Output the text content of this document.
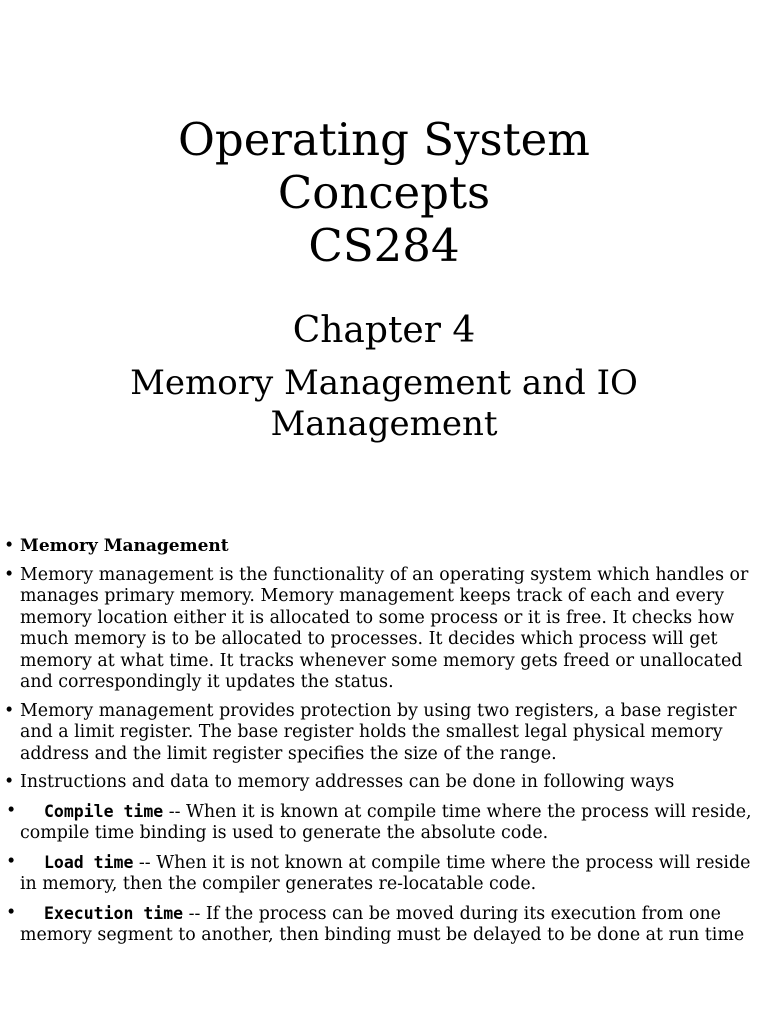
Operating System
Concepts
CS284
Chapter 4
Memory Management and IO Management
• Memory Management
• Memory management is the functionality of an operating system which handles or manages primary memory. Memory management keeps track of each and every memory location either it is allocated to some process or it is free. It checks how much memory is to be allocated to processes. It decides which process will get memory at what time. It tracks whenever some memory gets freed or unallocated and correspondingly it updates the status.
• Memory management provides protection by using two registers, a base register and a limit register. The base register holds the smallest legal physical memory address and the limit register specifies the size of the range.
• Instructions and data to memory addresses can be done in following ways
• Compile time -- When it is known at compile time where the process will reside, compile time binding is used to generate the absolute code.
• Load time -- When it is not known at compile time where the process will reside in memory, then the compiler generates re-locatable code.
• Execution time -- If the process can be moved during its execution from one memory segment to another, then binding must be delayed to be done at run time
